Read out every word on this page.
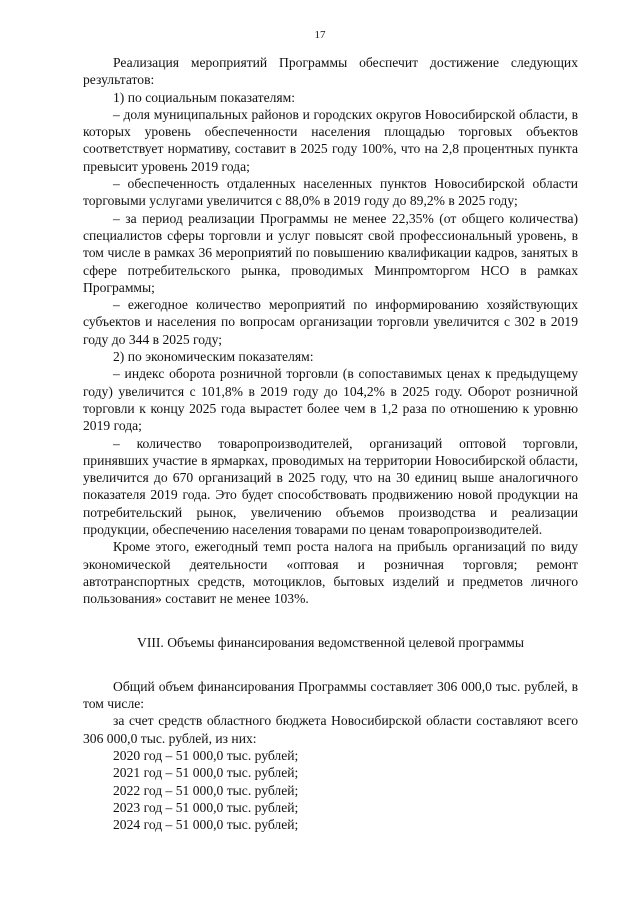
17

Реализация мероприятий Программы обеспечит достижение следующих результатов:

1) по социальным показателям:

– доля муниципальных районов и городских округов Новосибирской области, в которых уровень обеспеченности населения площадью торговых объектов соответствует нормативу, составит в 2025 году 100%, что на 2,8 процентных пункта превысит уровень 2019 года;

– обеспеченность отдаленных населенных пунктов Новосибирской области торговыми услугами увеличится с 88,0% в 2019 году до 89,2% в 2025 году;

– за период реализации Программы не менее 22,35% (от общего количества) специалистов сферы торговли и услуг повысят свой профессиональный уровень, в том числе в рамках 36 мероприятий по повышению квалификации кадров, занятых в сфере потребительского рынка, проводимых Минпромторгом НСО в рамках Программы;

– ежегодное количество мероприятий по информированию хозяйствующих субъектов и населения по вопросам организации торговли увеличится с 302 в 2019 году до 344 в 2025 году;

2) по экономическим показателям:

– индекс оборота розничной торговли (в сопоставимых ценах к предыдущему году) увеличится с 101,8% в 2019 году до 104,2% в 2025 году. Оборот розничной торговли к концу 2025 года вырастет более чем в 1,2 раза по отношению к уровню 2019 года;

– количество товаропроизводителей, организаций оптовой торговли, принявших участие в ярмарках, проводимых на территории Новосибирской области, увеличится до 670 организаций в 2025 году, что на 30 единиц выше аналогичного показателя 2019 года. Это будет способствовать продвижению новой продукции на потребительский рынок, увеличению объемов производства и реализации продукции, обеспечению населения товарами по ценам товаропроизводителей.

Кроме этого, ежегодный темп роста налога на прибыль организаций по виду экономической деятельности «оптовая и розничная торговля; ремонт автотранспортных средств, мотоциклов, бытовых изделий и предметов личного пользования» составит не менее 103%.

VIII. Объемы финансирования ведомственной целевой программы

Общий объем финансирования Программы составляет 306 000,0 тыс. рублей, в том числе:

за счет средств областного бюджета Новосибирской области составляют всего 306 000,0 тыс. рублей, из них:

2020 год – 51 000,0 тыс. рублей;

2021 год – 51 000,0 тыс. рублей;

2022 год – 51 000,0 тыс. рублей;

2023 год – 51 000,0 тыс. рублей;

2024 год – 51 000,0 тыс. рублей;
